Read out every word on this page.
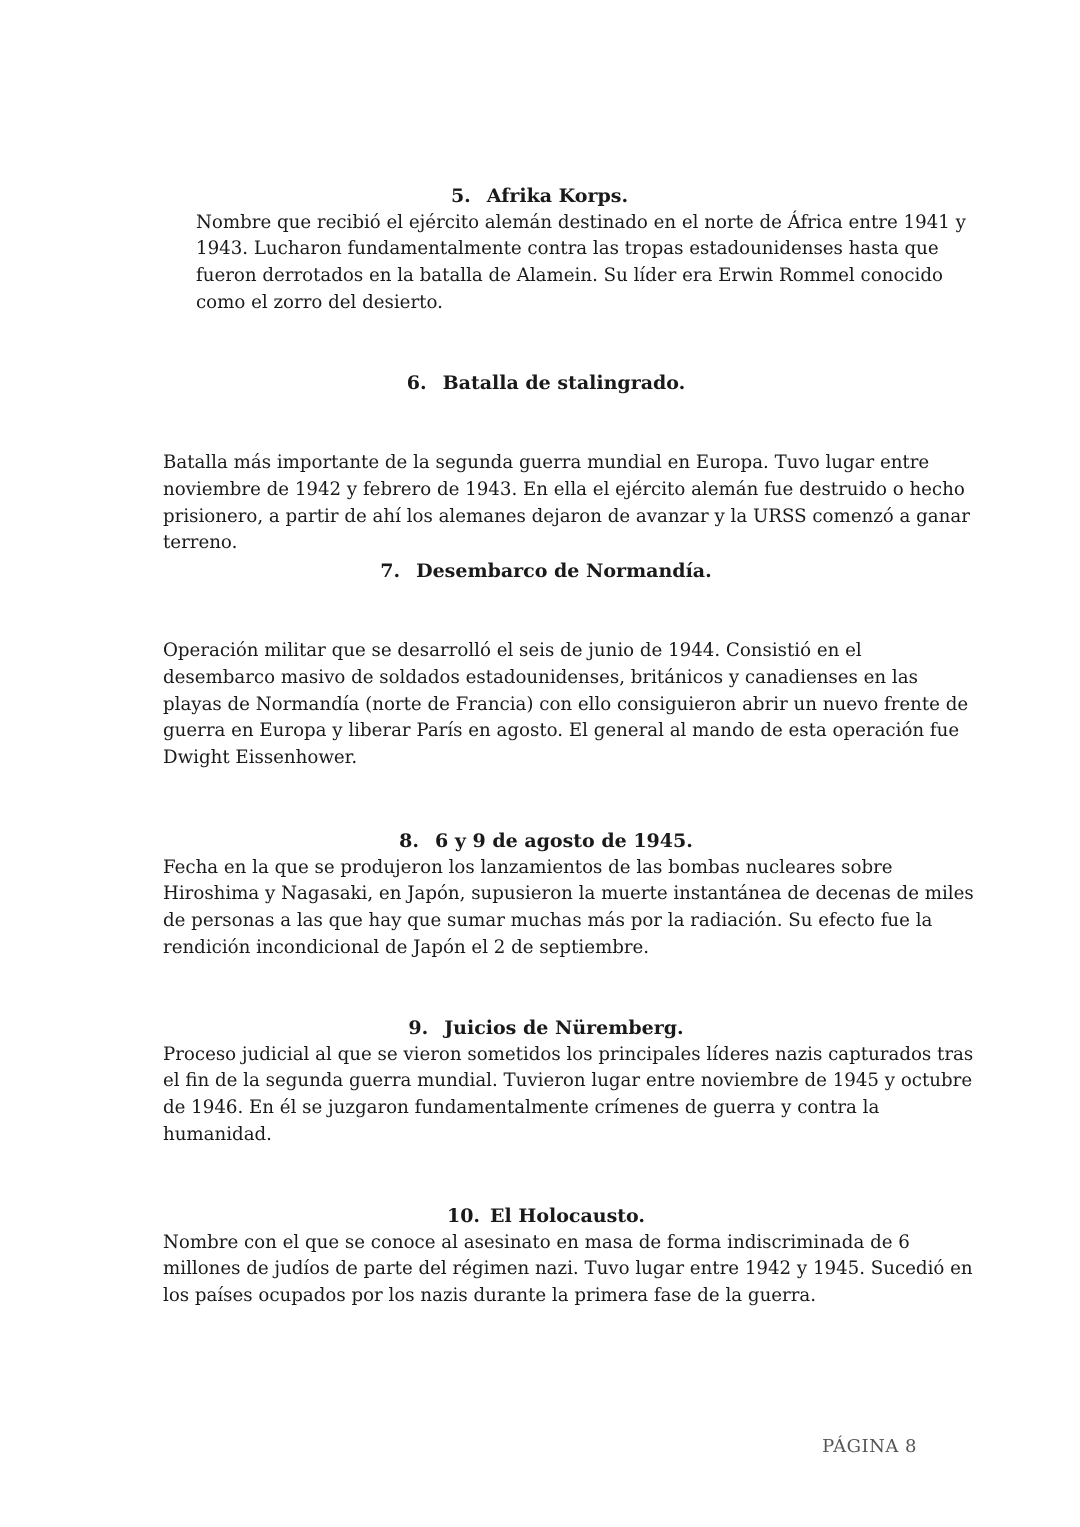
5. Afrika Korps.

Nombre que recibió el ejército alemán destinado en el norte de África entre 1941 y
1943. Lucharon fundamentalmente contra las tropas estadounidenses hasta que
fueron derrotados en la batalla de Alamein. Su líder era Erwin Rommel conocido
como el zorro del desierto.

6. Batalla de stalingrado.

Batalla más importante de la segunda guerra mundial en Europa. Tuvo lugar entre
noviembre de 1942 y febrero de 1943. En ella el ejército alemán fue destruido o hecho
prisionero, a partir de ahí los alemanes dejaron de avanzar y la URSS comenzó a ganar
terreno.

7. Desembarco de Normandía.

Operación militar que se desarrolló el seis de junio de 1944. Consistió en el
desembarco masivo de soldados estadounidenses, británicos y canadienses en las
playas de Normandía (norte de Francia) con ello consiguieron abrir un nuevo frente de
guerra en Europa y liberar París en agosto. El general al mando de esta operación fue
Dwight Eissenhower.

8. 6 y 9 de agosto de 1945.

Fecha en la que se produjeron los lanzamientos de las bombas nucleares sobre
Hiroshima y Nagasaki, en Japón, supusieron la muerte instantánea de decenas de miles
de personas a las que hay que sumar muchas más por la radiación. Su efecto fue la
rendición incondicional de Japón el 2 de septiembre.

9. Juicios de Nüremberg.

Proceso judicial al que se vieron sometidos los principales líderes nazis capturados tras
el fin de la segunda guerra mundial. Tuvieron lugar entre noviembre de 1945 y octubre
de 1946. En él se juzgaron fundamentalmente crímenes de guerra y contra la
humanidad.

10. El Holocausto.

Nombre con el que se conoce al asesinato en masa de forma indiscriminada de 6
millones de judíos de parte del régimen nazi. Tuvo lugar entre 1942 y 1945. Sucedió en
los países ocupados por los nazis durante la primera fase de la guerra.

PÁGINA 8
